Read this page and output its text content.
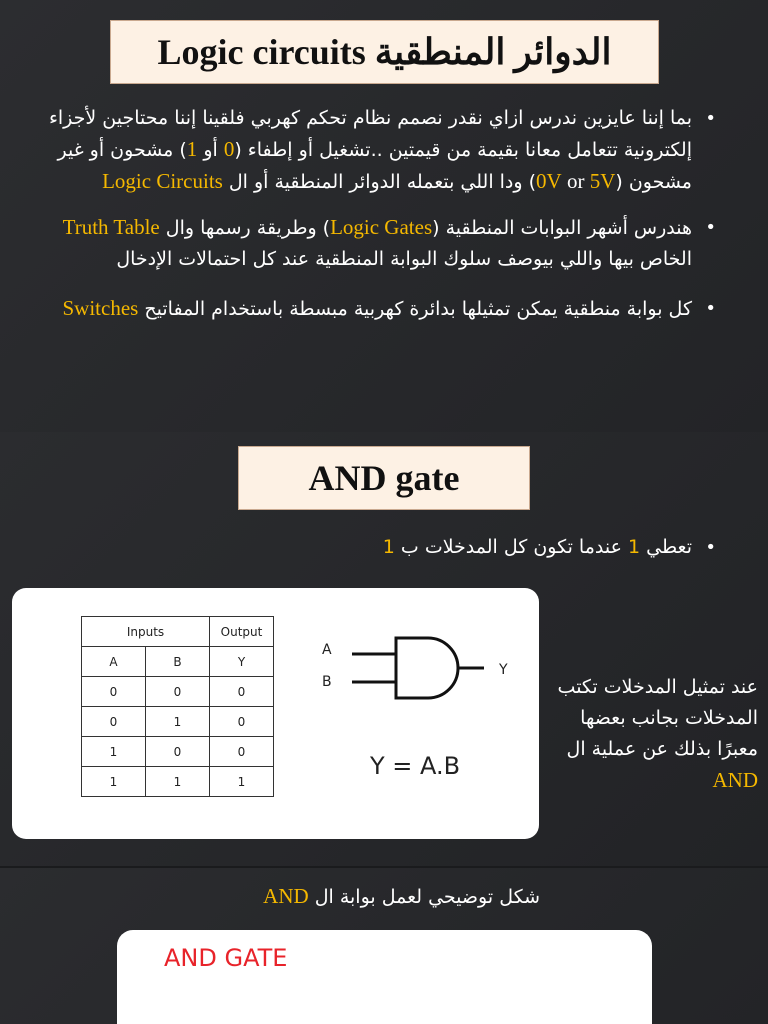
Logic circuits الدوائر المنطقية
• بما إننا عايزين ندرس ازاي نقدر نصمم نظام تحكم كهربي فلقينا إننا محتاجين لأجزاء إلكترونية تتعامل معانا بقيمة من قيمتين ..تشغيل أو إطفاء (0 أو 1) مشحون أو غير مشحون (0V or 5V) ودا اللي بتعمله الدوائر المنطقية أو ال Logic Circuits
• هندرس أشهر البوابات المنطقية (Logic Gates) وطريقة رسمها وال Truth Table الخاص بيها واللي بيوصف سلوك البوابة المنطقية عند كل احتمالات الإدخال
• كل بوابة منطقية يمكن تمثيلها بدائرة كهربية مبسطة باستخدام المفاتيح Switches
AND gate
• تعطي 1 عندما تكون كل المدخلات ب 1
Inputs		Output
A	B	Y
0	0	0
0	1	0
1	0	0
1	1	1
A
B
Y
Y = A.B
عند تمثيل المدخلات تكتب المدخلات بجانب بعضها معبرًا بذلك عن عملية ال AND
شكل توضيحي لعمل بوابة ال AND
AND GATE
